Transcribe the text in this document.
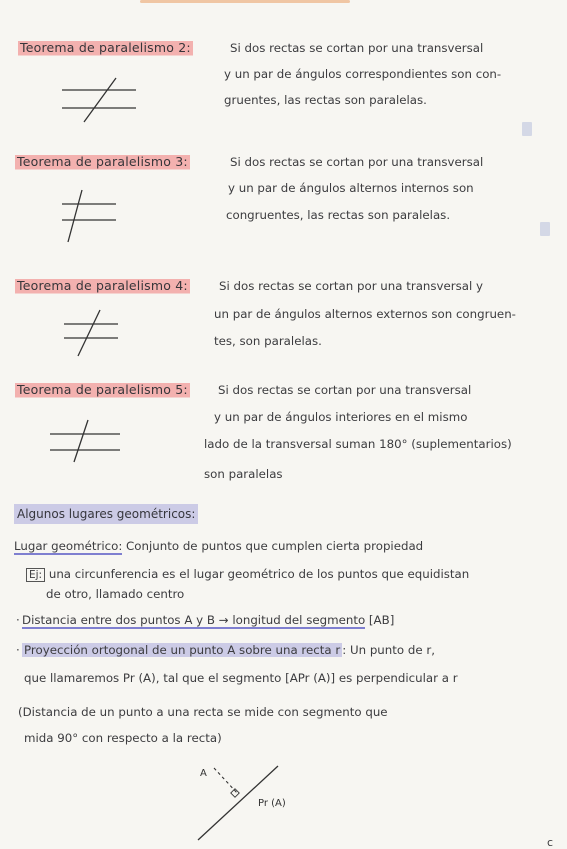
Teorema de paralelismo 2:	Si dos rectas se cortan por una transversal
y un par de ángulos correspondientes son con-
gruentes, las rectas son paralelas.
Teorema de paralelismo 3:	Si dos rectas se cortan por una transversal
y un par de ángulos alternos internos son
congruentes, las rectas son paralelas.
Teorema de paralelismo 4:	Si dos rectas se cortan por una transversal y
un par de ángulos alternos externos son congruen-
tes, son paralelas.
Teorema de paralelismo 5:	Si dos rectas se cortan por una transversal
y un par de ángulos interiores en el mismo
lado de la transversal suman 180° (suplementarios)
son paralelas
Algunos lugares geométricos:
Lugar geométrico: Conjunto de puntos que cumplen cierta propiedad
Ej: una circunferencia es el lugar geométrico de los puntos que equidistan
de otro, llamado centro
· Distancia entre dos puntos A y B → longitud del segmento [AB]
· Proyección ortogonal de un punto A sobre una recta r : Un punto de r,
que llamaremos Pr (A), tal que el segmento [APr (A)] es perpendicular a r
(Distancia de un punto a una recta se mide con segmento que
mida 90° con respecto a la recta)
A
Pr (A)
c
